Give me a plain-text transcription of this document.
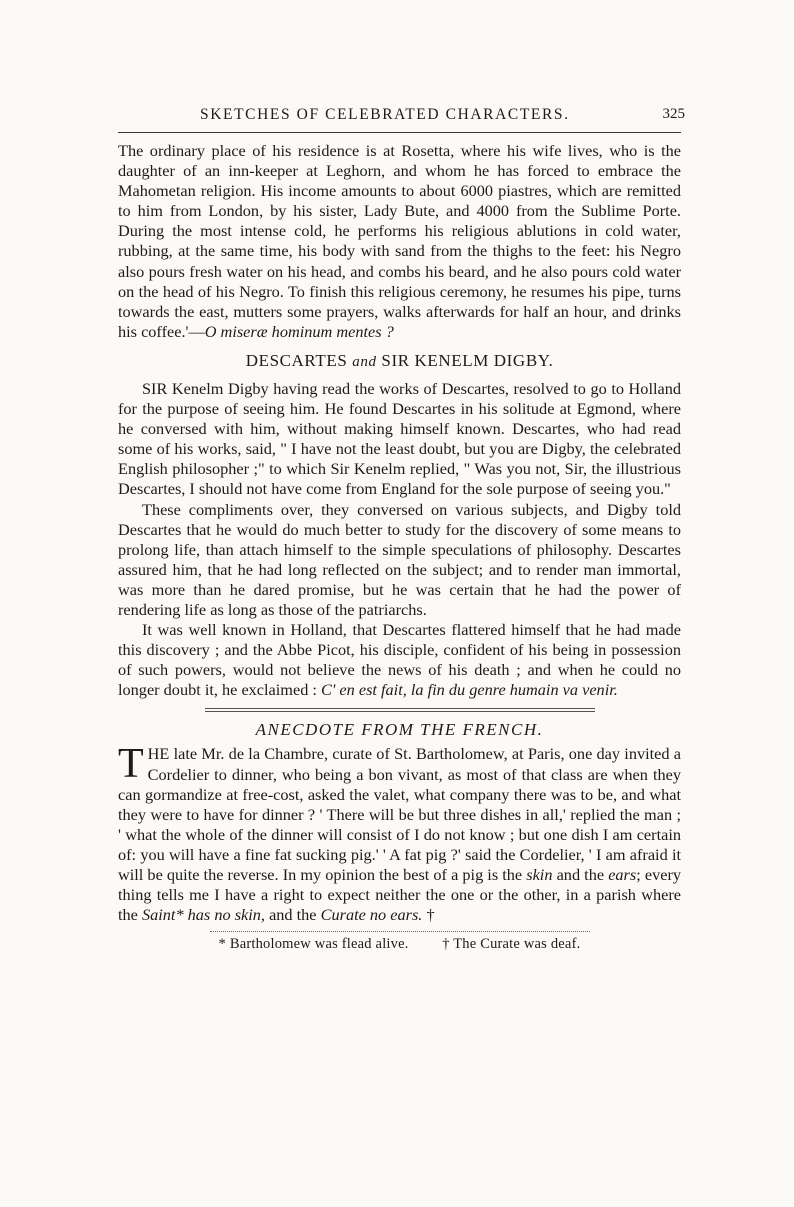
SKETCHES OF CELEBRATED CHARACTERS.	325

The ordinary place of his residence is at Rosetta, where his wife lives, who is the daughter of an inn-keeper at Leghorn, and whom he has forced to embrace the Mahometan religion. His income amounts to about 6000 piastres, which are remitted to him from London, by his sister, Lady Bute, and 4000 from the Sublime Porte. During the most intense cold, he performs his religious ablutions in cold water, rubbing, at the same time, his body with sand from the thighs to the feet: his Negro also pours fresh water on his head, and combs his beard, and he also pours cold water on the head of his Negro. To finish this religious ceremony, he resumes his pipe, turns towards the east, mutters some prayers, walks afterwards for half an hour, and drinks his coffee.'—O miseræ hominum mentes ?

DESCARTES and SIR KENELM DIGBY.

SIR Kenelm Digby having read the works of Descartes, resolved to go to Holland for the purpose of seeing him. He found Descartes in his solitude at Egmond, where he conversed with him, without making himself known. Descartes, who had read some of his works, said, " I have not the least doubt, but you are Digby, the celebrated English philosopher ;" to which Sir Kenelm replied, " Was you not, Sir, the illustrious Descartes, I should not have come from England for the sole purpose of seeing you."

These compliments over, they conversed on various subjects, and Digby told Descartes that he would do much better to study for the discovery of some means to prolong life, than attach himself to the simple speculations of philosophy. Descartes assured him, that he had long reflected on the subject; and to render man immortal, was more than he dared promise, but he was certain that he had the power of rendering life as long as those of the patriarchs.

It was well known in Holland, that Descartes flattered himself that he had made this discovery ; and the Abbe Picot, his disciple, confident of his being in possession of such powers, would not believe the news of his death ; and when he could no longer doubt it, he exclaimed : C' en est fait, la fin du genre humain va venir.

ANECDOTE FROM THE FRENCH.

THE late Mr. de la Chambre, curate of St. Bartholomew, at Paris, one day invited a Cordelier to dinner, who being a bon vivant, as most of that class are when they can gormandize at free-cost, asked the valet, what company there was to be, and what they were to have for dinner ? ' There will be but three dishes in all,' replied the man ; ' what the whole of the dinner will consist of I do not know ; but one dish I am certain of: you will have a fine fat sucking pig.' ' A fat pig ?' said the Cordelier, ' I am afraid it will be quite the reverse. In my opinion the best of a pig is the skin and the ears; every thing tells me I have a right to expect neither the one or the other, in a parish where the Saint* has no skin, and the Curate no ears. †

* Bartholomew was flead alive. † The Curate was deaf.
